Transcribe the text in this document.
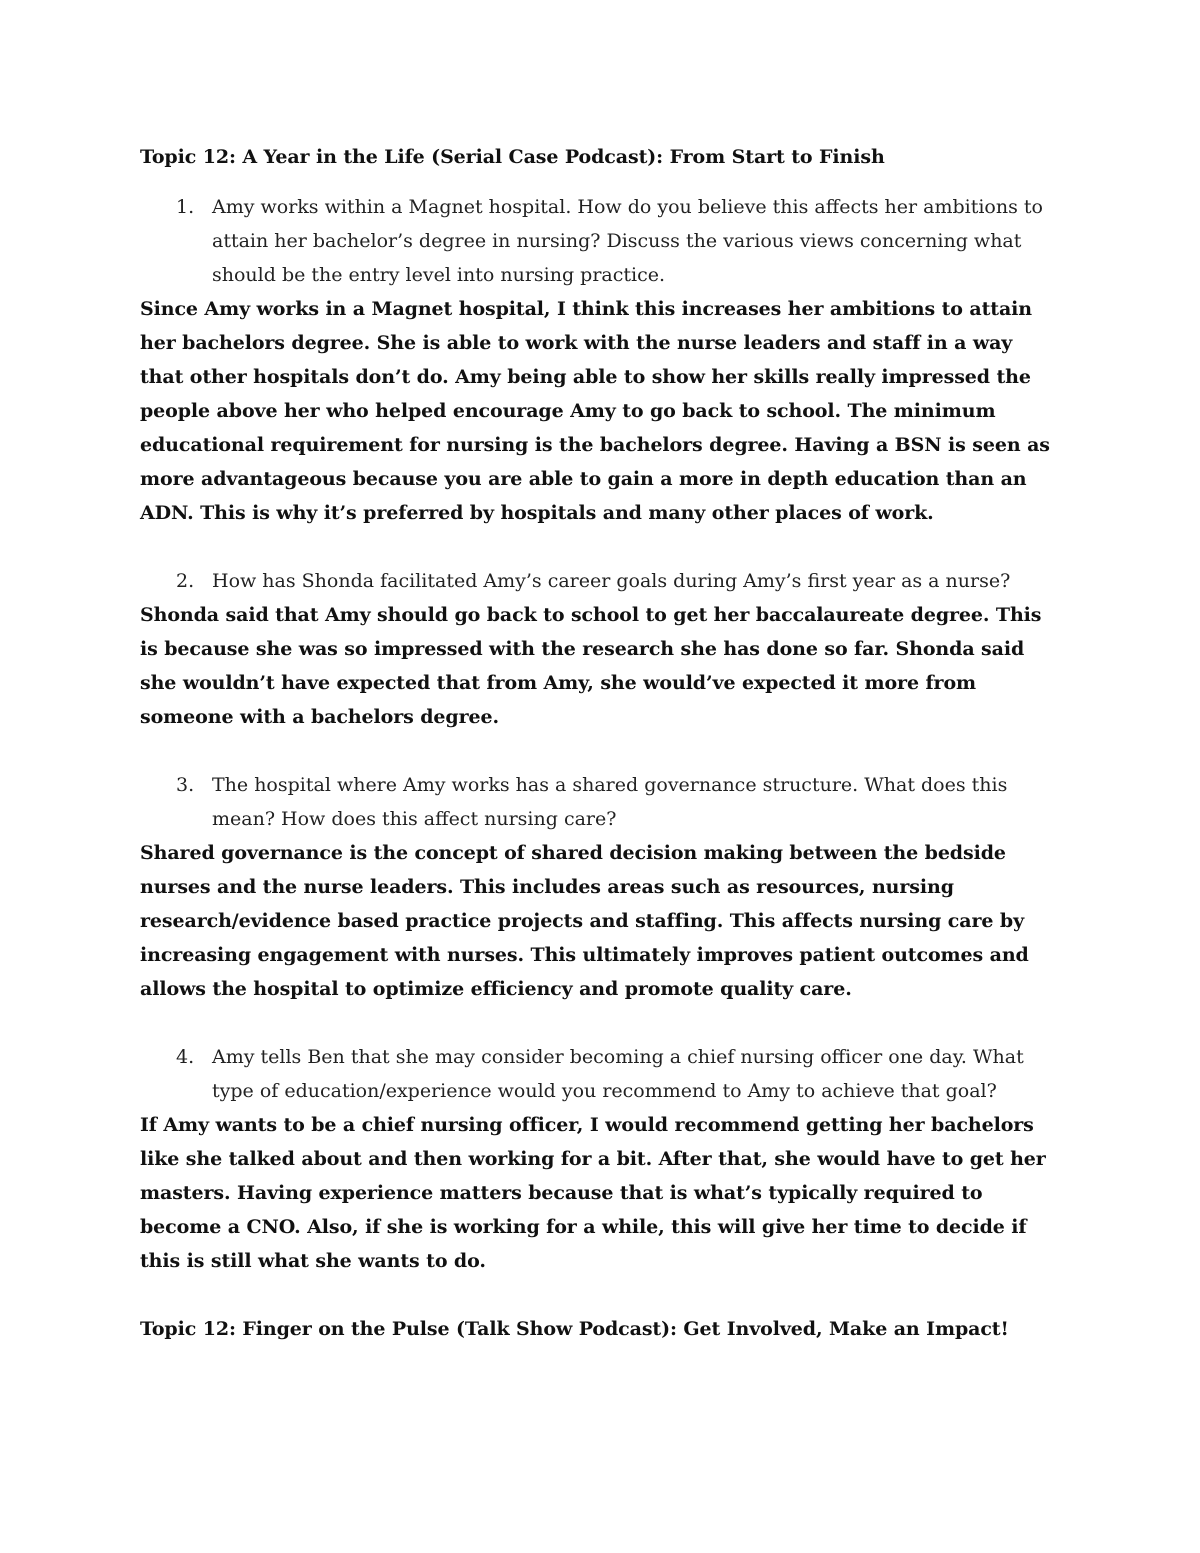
Topic 12: A Year in the Life (Serial Case Podcast): From Start to Finish

1. Amy works within a Magnet hospital. How do you believe this affects her ambitions to attain her bachelor’s degree in nursing? Discuss the various views concerning what should be the entry level into nursing practice.

Since Amy works in a Magnet hospital, I think this increases her ambitions to attain her bachelors degree. She is able to work with the nurse leaders and staff in a way that other hospitals don’t do. Amy being able to show her skills really impressed the people above her who helped encourage Amy to go back to school. The minimum educational requirement for nursing is the bachelors degree. Having a BSN is seen as more advantageous because you are able to gain a more in depth education than an ADN. This is why it’s preferred by hospitals and many other places of work.

2. How has Shonda facilitated Amy’s career goals during Amy’s first year as a nurse?

Shonda said that Amy should go back to school to get her baccalaureate degree. This is because she was so impressed with the research she has done so far. Shonda said she wouldn’t have expected that from Amy, she would’ve expected it more from someone with a bachelors degree.

3. The hospital where Amy works has a shared governance structure. What does this mean? How does this affect nursing care?

Shared governance is the concept of shared decision making between the bedside nurses and the nurse leaders. This includes areas such as resources, nursing research/evidence based practice projects and staffing. This affects nursing care by increasing engagement with nurses. This ultimately improves patient outcomes and allows the hospital to optimize efficiency and promote quality care.

4. Amy tells Ben that she may consider becoming a chief nursing officer one day. What type of education/experience would you recommend to Amy to achieve that goal?

If Amy wants to be a chief nursing officer, I would recommend getting her bachelors like she talked about and then working for a bit. After that, she would have to get her masters. Having experience matters because that is what’s typically required to become a CNO. Also, if she is working for a while, this will give her time to decide if this is still what she wants to do.

Topic 12: Finger on the Pulse (Talk Show Podcast): Get Involved, Make an Impact!
